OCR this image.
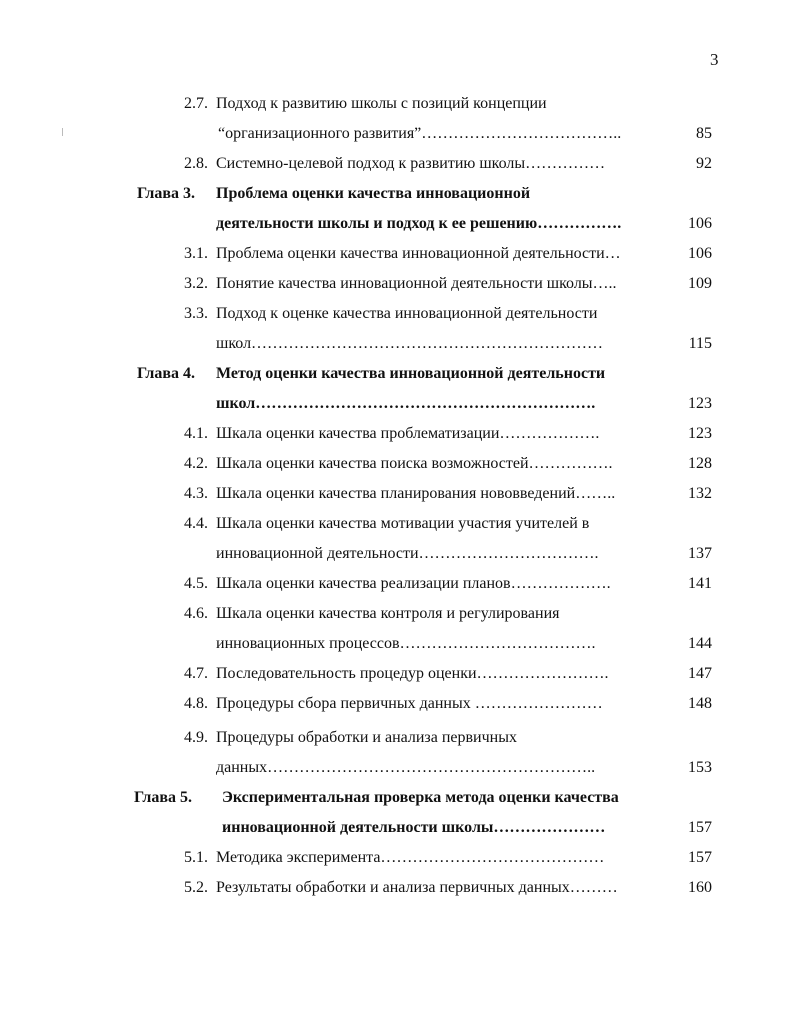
3
2.7. Подход к развитию школы с позиций концепции
“организационного развития”………………………………..	85
2.8. Системно-целевой подход к развитию школы……………	92
Глава 3. Проблема оценки качества инновационной
деятельности школы и подход к ее решению…………….	106
3.1. Проблема оценки качества инновационной деятельности…	106
3.2. Понятие качества инновационной деятельности школы…..	109
3.3. Подход к оценке качества инновационной деятельности
школ…………………………………………………………	115
Глава 4. Метод оценки качества инновационной деятельности
школ……………………………………………………….	123
4.1. Шкала оценки качества проблематизации……………….	123
4.2. Шкала оценки качества поиска возможностей…………….	128
4.3. Шкала оценки качества планирования нововведений……..	132
4.4. Шкала оценки качества мотивации участия учителей в
инновационной деятельности…………………………….	137
4.5. Шкала оценки качества реализации планов……………….	141
4.6. Шкала оценки качества контроля и регулирования
инновационных процессов……………………………….	144
4.7. Последовательность процедур оценки…………………….	147
4.8. Процедуры сбора первичных данных ……………………	148
4.9. Процедуры обработки и анализа первичных
данных……………………………………………………..	153
Глава 5. Экспериментальная проверка метода оценки качества
инновационной деятельности школы…………………	157
5.1. Методика эксперимента……………………………………	157
5.2. Результаты обработки и анализа первичных данных………	160
